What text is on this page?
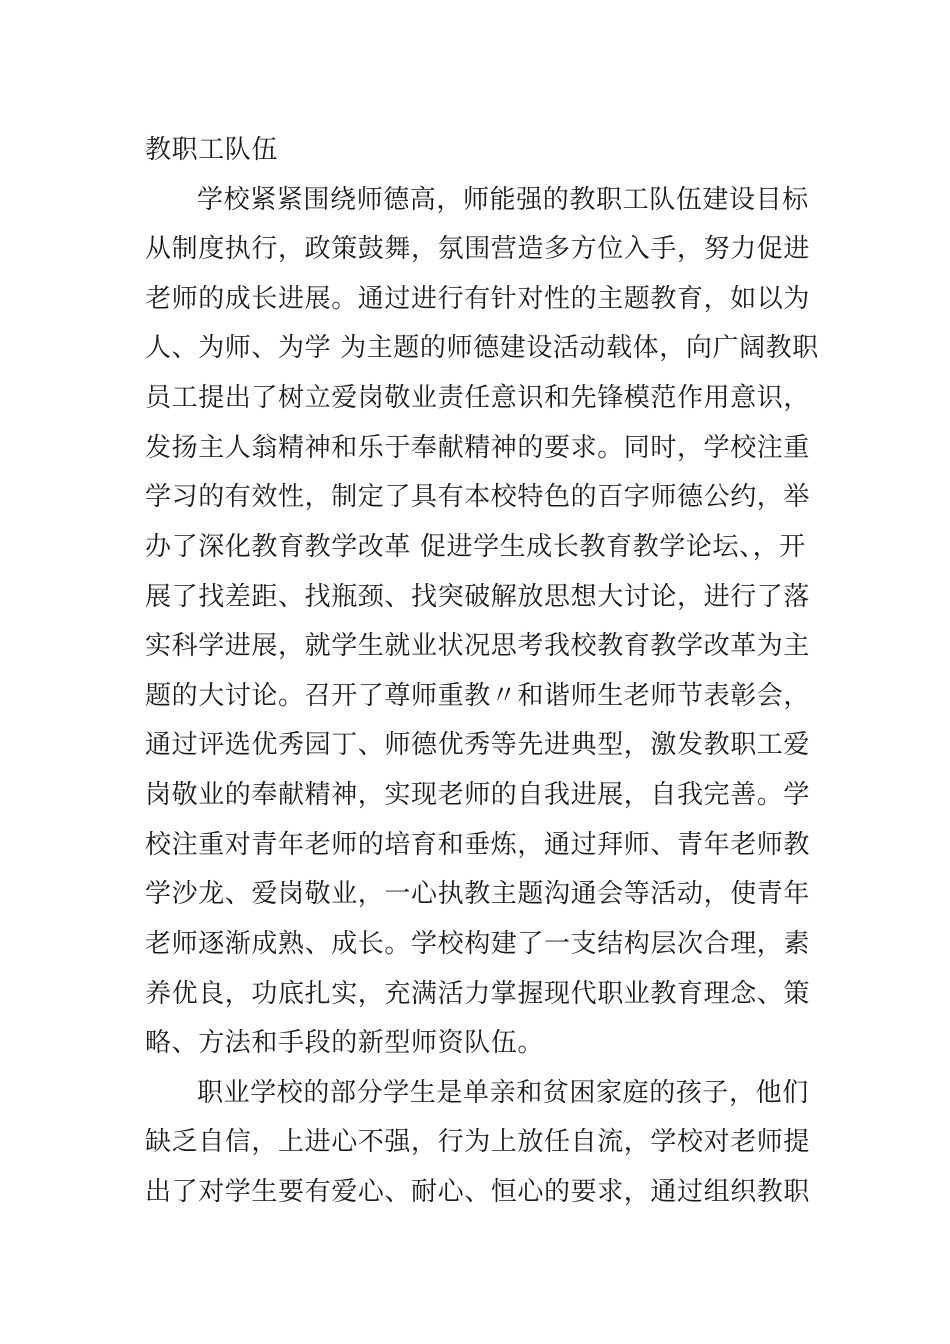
教职工队伍
学校紧紧围绕师德高，师能强的教职工队伍建设目标
从制度执行，政策鼓舞，氛围营造多方位入手，努力促进
老师的成长进展。通过进行有针对性的主题教育，如以为
人、为师、为学 为主题的师德建设活动载体，向广阔教职
员工提出了树立爱岗敬业责任意识和先锋模范作用意识，
发扬主人翁精神和乐于奉献精神的要求。同时，学校注重
学习的有效性，制定了具有本校特色的百字师德公约，举
办了深化教育教学改革 促进学生成长教育教学论坛、，开
展了找差距、找瓶颈、找突破解放思想大讨论，进行了落
实科学进展，就学生就业状况思考我校教育教学改革为主
题的大讨论。召开了尊师重教〃和谐师生老师节表彰会，
通过评选优秀园丁、师德优秀等先进典型，激发教职工爱
岗敬业的奉献精神，实现老师的自我进展，自我完善。学
校注重对青年老师的培育和垂炼，通过拜师、青年老师教
学沙龙、爱岗敬业，一心执教主题沟通会等活动，使青年
老师逐渐成熟、成长。学校构建了一支结构层次合理，素
养优良，功底扎实，充满活力掌握现代职业教育理念、策
略、方法和手段的新型师资队伍。
职业学校的部分学生是单亲和贫困家庭的孩子，他们
缺乏自信，上进心不强，行为上放任自流，学校对老师提
出了对学生要有爱心、耐心、恒心的要求，通过组织教职
